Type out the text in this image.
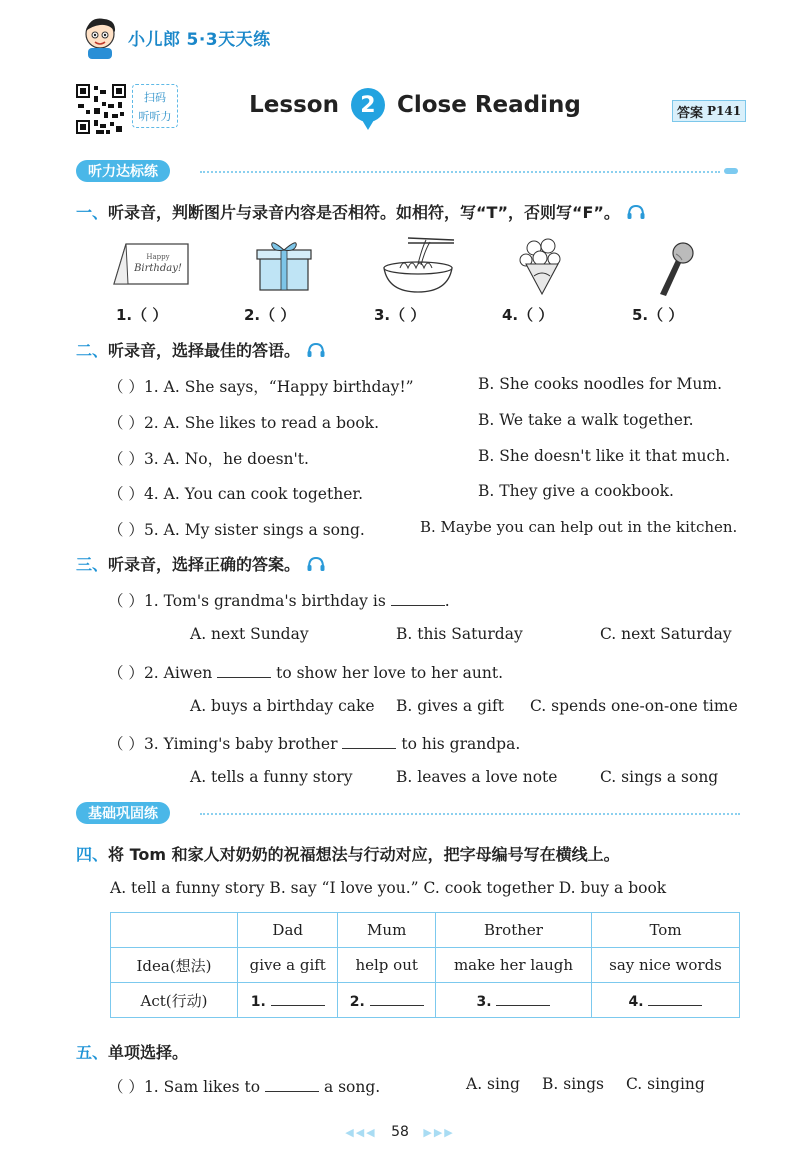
小儿郎 5·3天天练
扫码
听听力	Lesson 2 Close Reading	答案 P141
听力达标练
一、 听录音，判断图片与录音内容是否相符。如相符，写“T”，否则写“F”。
Happy
Birthday!
1.（ ）	2.（ ）	3.（ ）	4.（ ）	5.（ ）
二、 听录音，选择最佳的答语。
（ ）1. A. She says，“Happy birthday!”	B. She cooks noodles for Mum.
（ ）2. A. She likes to read a book.	B. We take a walk together.
（ ）3. A. No，he doesn't.	B. She doesn't like it that much.
（ ）4. A. You can cook together.	B. They give a cookbook.
（ ）5. A. My sister sings a song.	B. Maybe you can help out in the kitchen.
三、 听录音，选择正确的答案。
（ ）1. Tom's grandma's birthday is	.
A. next Sunday	B. this Saturday	C. next Saturday
（ ）2. Aiwen	to show her love to her aunt.
A. buys a birthday cake B. gives a gift C. spends one-on-one time
（ ）3. Yiming's baby brother	to his grandpa.
A. tells a funny story	B. leaves a love note	C. sings a song
基础巩固练
四、 将 Tom 和家人对奶奶的祝福想法与行动对应，把字母编号写在横线上。
A. tell a funny story B. say “I love you.” C. cook together D. buy a book
	Dad	Mum	Brother	Tom
Idea(想法)	give a gift	help out	make her laugh	say nice words
Act(行动)	1.	2.	3.	4.
五、 单项选择。
（ ）1. Sam likes to	a song.	A. sing B. sings C. singing
◀◀◀ 58 ▶▶▶
